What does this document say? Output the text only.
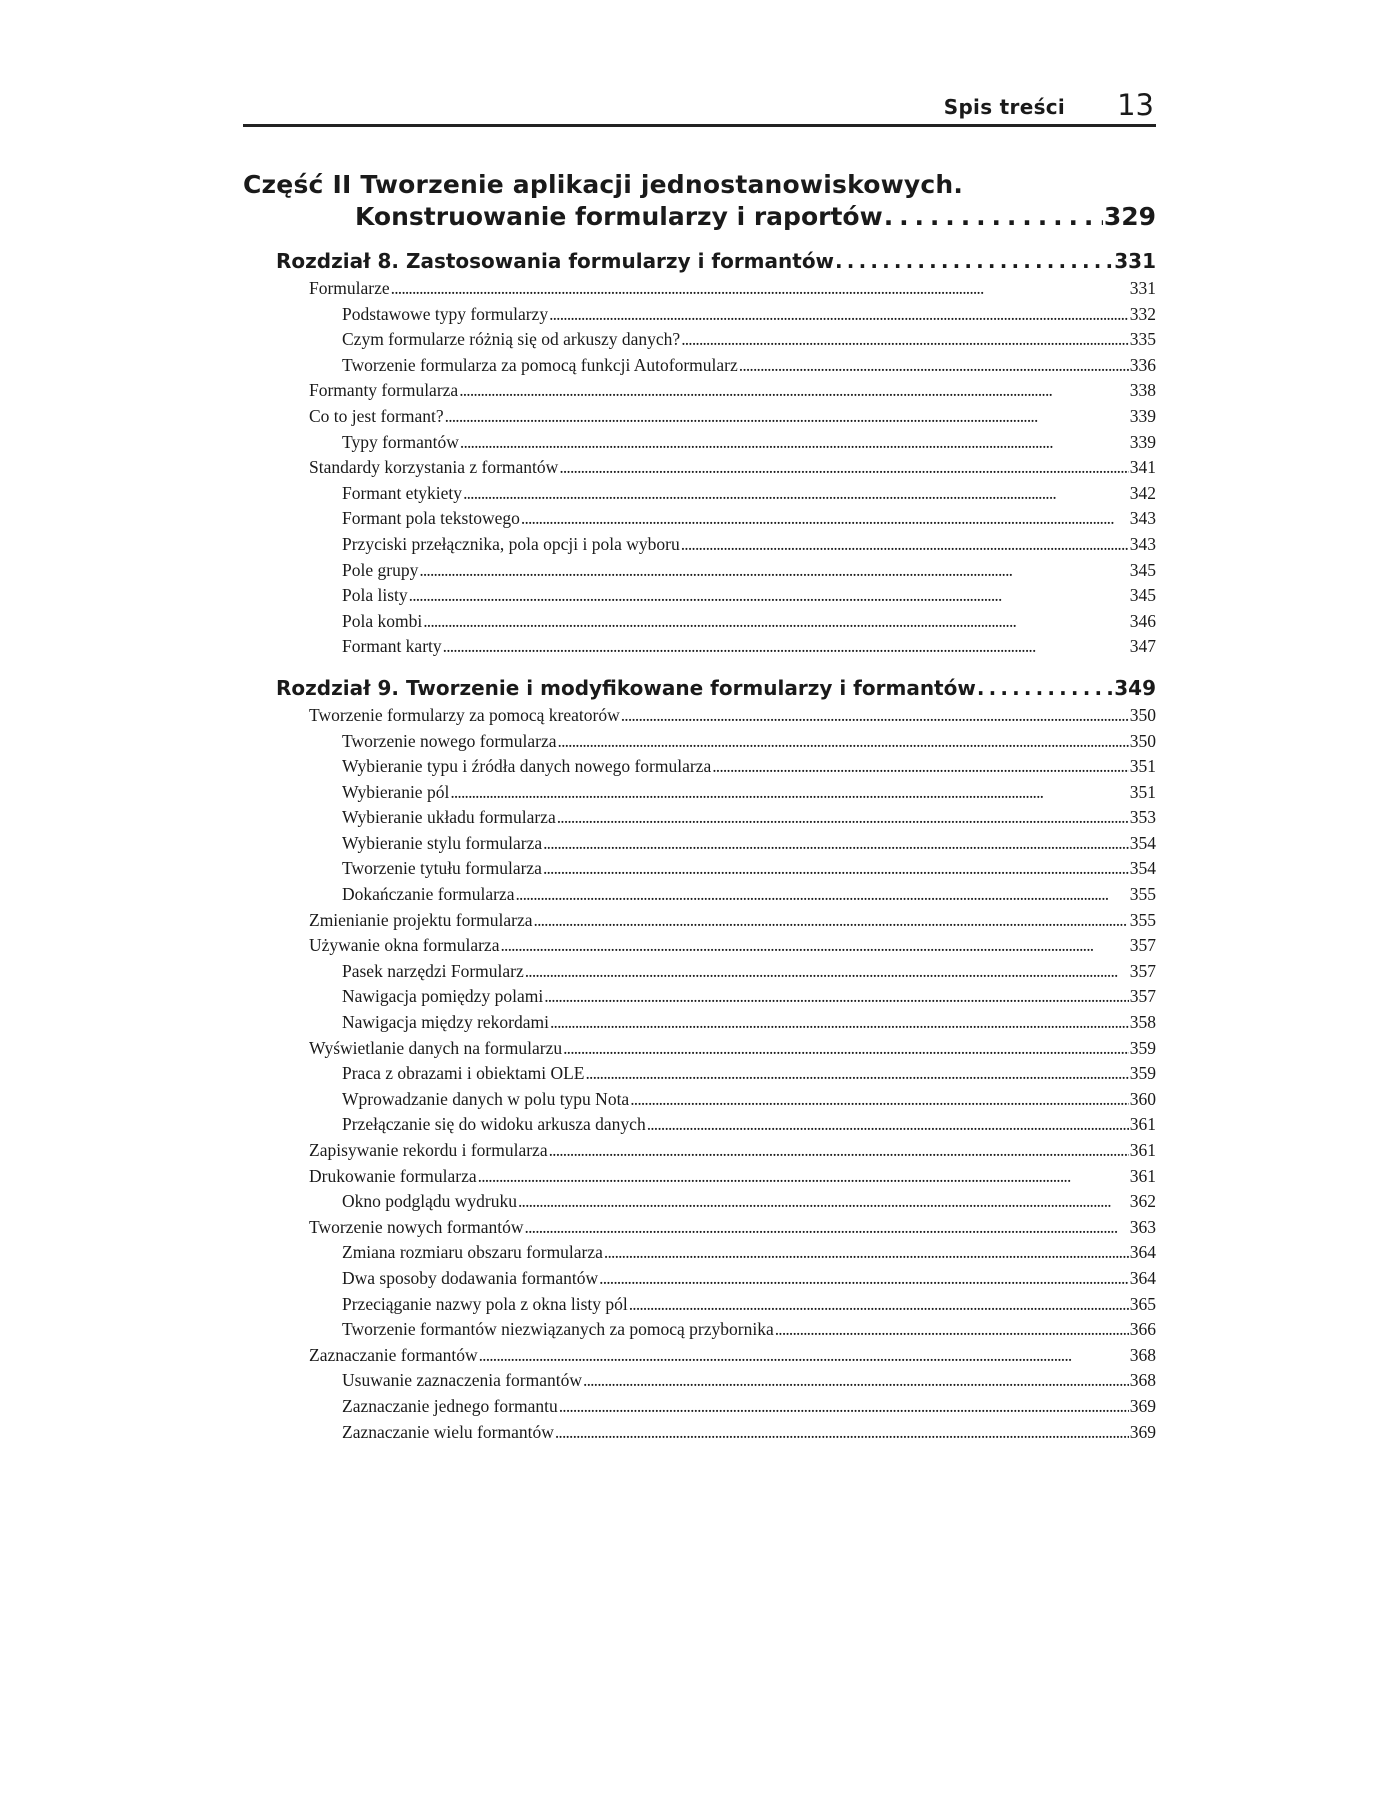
Spis treści 13
Część II Tworzenie aplikacji jednostanowiskowych.
Konstruowanie formularzy i raportów . . .	329
Rozdział 8. Zastosowania formularzy i formantów . . .	331
Formularze . . .	331
Podstawowe typy formularzy . . .	332
Czym formularze różnią się od arkuszy danych? . . .	335
Tworzenie formularza za pomocą funkcji Autoformularz . . .	336
Formanty formularza . . .	338
Co to jest formant? . . .	339
Typy formantów . . .	339
Standardy korzystania z formantów . . .	341
Formant etykiety . . .	342
Formant pola tekstowego . . .	343
Przyciski przełącznika, pola opcji i pola wyboru . . .	343
Pole grupy . . .	345
Pola listy . . .	345
Pola kombi . . .	346
Formant karty . . .	347
Rozdział 9. Tworzenie i modyfikowane formularzy i formantów . . .	349
Tworzenie formularzy za pomocą kreatorów . . .	350
Tworzenie nowego formularza . . .	350
Wybieranie typu i źródła danych nowego formularza . . .	351
Wybieranie pól . . .	351
Wybieranie układu formularza . . .	353
Wybieranie stylu formularza . . .	354
Tworzenie tytułu formularza . . .	354
Dokańczanie formularza . . .	355
Zmienianie projektu formularza . . .	355
Używanie okna formularza . . .	357
Pasek narzędzi Formularz . . .	357
Nawigacja pomiędzy polami . . .	357
Nawigacja między rekordami . . .	358
Wyświetlanie danych na formularzu . . .	359
Praca z obrazami i obiektami OLE . . .	359
Wprowadzanie danych w polu typu Nota . . .	360
Przełączanie się do widoku arkusza danych . . .	361
Zapisywanie rekordu i formularza . . .	361
Drukowanie formularza . . .	361
Okno podglądu wydruku . . .	362
Tworzenie nowych formantów . . .	363
Zmiana rozmiaru obszaru formularza . . .	364
Dwa sposoby dodawania formantów . . .	364
Przeciąganie nazwy pola z okna listy pól . . .	365
Tworzenie formantów niezwiązanych za pomocą przybornika . . .	366
Zaznaczanie formantów . . .	368
Usuwanie zaznaczenia formantów . . .	368
Zaznaczanie jednego formantu . . .	369
Zaznaczanie wielu formantów . . .	369
